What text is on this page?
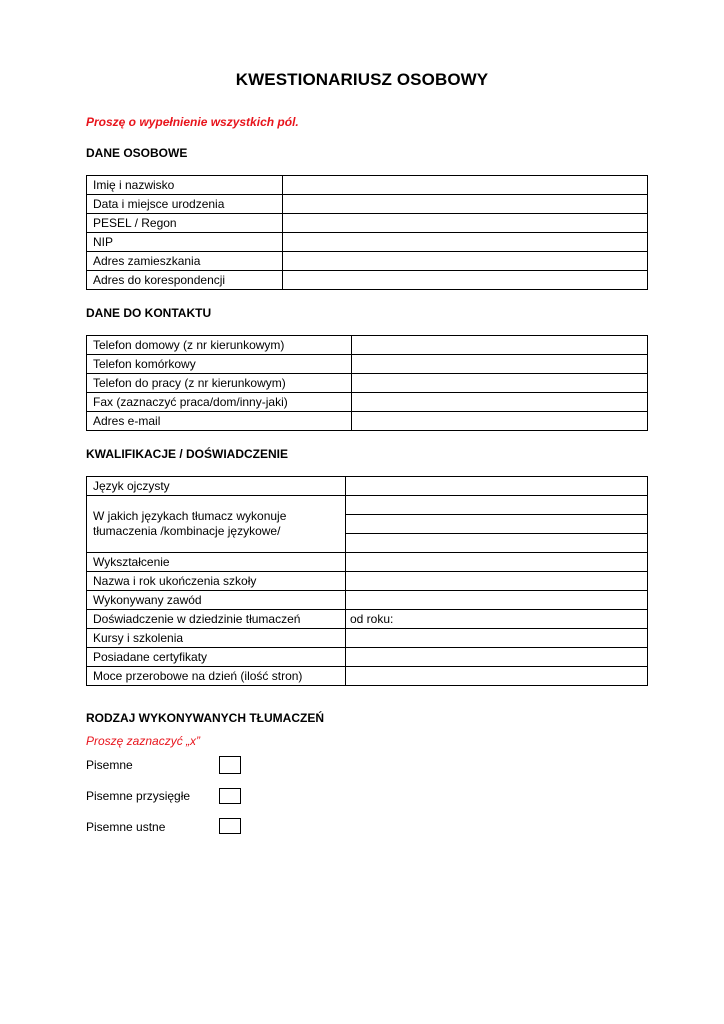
KWESTIONARIUSZ OSOBOWY
Proszę o wypełnienie wszystkich pól.
DANE OSOBOWE
Imię i nazwisko	
Data i miejsce urodzenia	
PESEL / Regon	
NIP	
Adres zamieszkania	
Adres do korespondencji	
DANE DO KONTAKTU
Telefon domowy (z nr kierunkowym)	
Telefon komórkowy	
Telefon do pracy (z nr kierunkowym)	
Fax (zaznaczyć praca/dom/inny-jaki)	
Adres e-mail	
KWALIFIKACJE / DOŚWIADCZENIE
Język ojczysty	
W jakich językach tłumacz wykonuje tłumaczenia /kombinacje językowe/	

Wykształcenie	
Nazwa i rok ukończenia szkoły	
Wykonywany zawód	
Doświadczenie w dziedzinie tłumaczeń	od roku:
Kursy i szkolenia	
Posiadane certyfikaty	
Moce przerobowe na dzień (ilość stron)	
RODZAJ WYKONYWANYCH TŁUMACZEŃ
Proszę zaznaczyć „x”
Pisemne
Pisemne przysięgłe
Pisemne ustne
